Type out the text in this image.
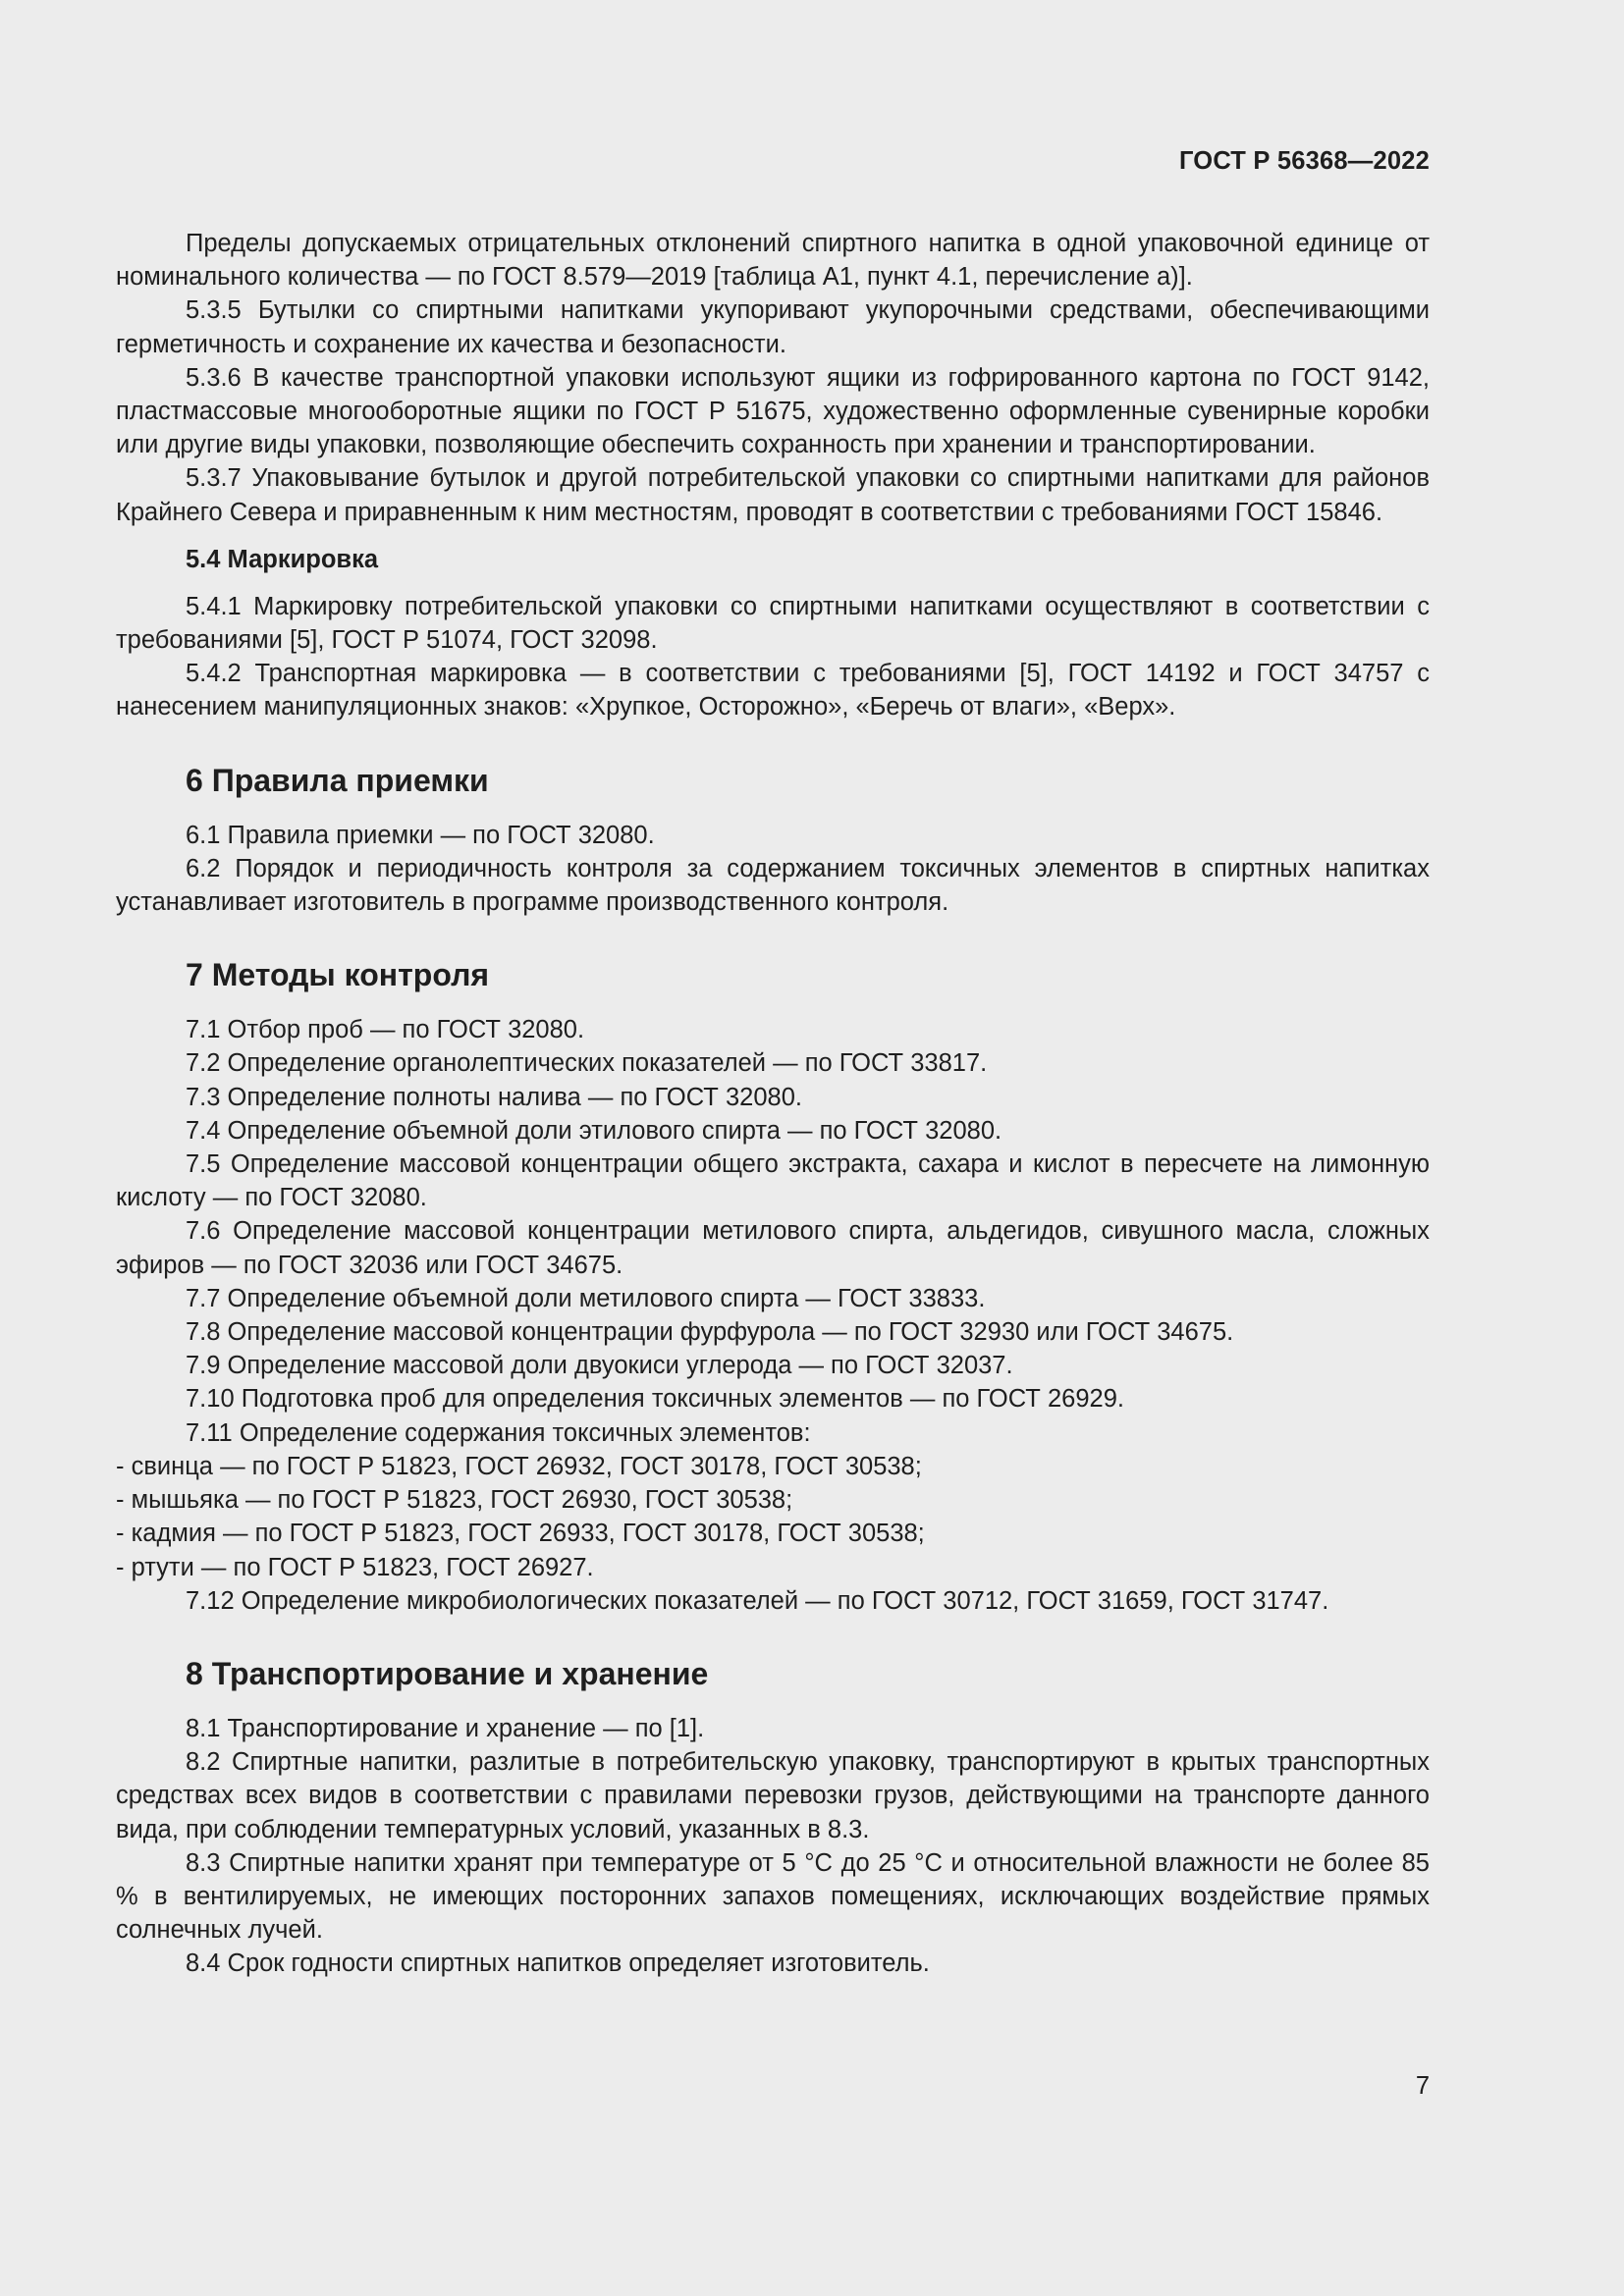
ГОСТ Р 56368—2022

Пределы допускаемых отрицательных отклонений спиртного напитка в одной упаковочной единице от номинального количества — по ГОСТ 8.579—2019 [таблица А1, пункт 4.1, перечисление а)].

5.3.5 Бутылки со спиртными напитками укупоривают укупорочными средствами, обеспечивающими герметичность и сохранение их качества и безопасности.

5.3.6 В качестве транспортной упаковки используют ящики из гофрированного картона по ГОСТ 9142, пластмассовые многооборотные ящики по ГОСТ Р 51675, художественно оформленные сувенирные коробки или другие виды упаковки, позволяющие обеспечить сохранность при хранении и транспортировании.

5.3.7 Упаковывание бутылок и другой потребительской упаковки со спиртными напитками для районов Крайнего Севера и приравненным к ним местностям, проводят в соответствии с требованиями ГОСТ 15846.

5.4 Маркировка

5.4.1 Маркировку потребительской упаковки со спиртными напитками осуществляют в соответствии с требованиями [5], ГОСТ Р 51074, ГОСТ 32098.

5.4.2 Транспортная маркировка — в соответствии с требованиями [5], ГОСТ 14192 и ГОСТ 34757 с нанесением манипуляционных знаков: «Хрупкое, Осторожно», «Беречь от влаги», «Верх».

6 Правила приемки

6.1 Правила приемки — по ГОСТ 32080.

6.2 Порядок и периодичность контроля за содержанием токсичных элементов в спиртных напитках устанавливает изготовитель в программе производственного контроля.

7 Методы контроля

7.1 Отбор проб — по ГОСТ 32080.

7.2 Определение органолептических показателей — по ГОСТ 33817.

7.3 Определение полноты налива — по ГОСТ 32080.

7.4 Определение объемной доли этилового спирта — по ГОСТ 32080.

7.5 Определение массовой концентрации общего экстракта, сахара и кислот в пересчете на лимонную кислоту — по ГОСТ 32080.

7.6 Определение массовой концентрации метилового спирта, альдегидов, сивушного масла, сложных эфиров — по ГОСТ 32036 или ГОСТ 34675.

7.7 Определение объемной доли метилового спирта — ГОСТ 33833.

7.8 Определение массовой концентрации фурфурола — по ГОСТ 32930 или ГОСТ 34675.

7.9 Определение массовой доли двуокиси углерода — по ГОСТ 32037.

7.10 Подготовка проб для определения токсичных элементов — по ГОСТ 26929.

7.11 Определение содержания токсичных элементов:

- свинца — по ГОСТ Р 51823, ГОСТ 26932, ГОСТ 30178, ГОСТ 30538;

- мышьяка — по ГОСТ Р 51823, ГОСТ 26930, ГОСТ 30538;

- кадмия — по ГОСТ Р 51823, ГОСТ 26933, ГОСТ 30178, ГОСТ 30538;

- ртути — по ГОСТ Р 51823, ГОСТ 26927.

7.12 Определение микробиологических показателей — по ГОСТ 30712, ГОСТ 31659, ГОСТ 31747.

8 Транспортирование и хранение

8.1 Транспортирование и хранение — по [1].

8.2 Спиртные напитки, разлитые в потребительскую упаковку, транспортируют в крытых транспортных средствах всех видов в соответствии с правилами перевозки грузов, действующими на транспорте данного вида, при соблюдении температурных условий, указанных в 8.3.

8.3 Спиртные напитки хранят при температуре от 5 °С до 25 °С и относительной влажности не более 85 % в вентилируемых, не имеющих посторонних запахов помещениях, исключающих воздействие прямых солнечных лучей.

8.4 Срок годности спиртных напитков определяет изготовитель.

7
